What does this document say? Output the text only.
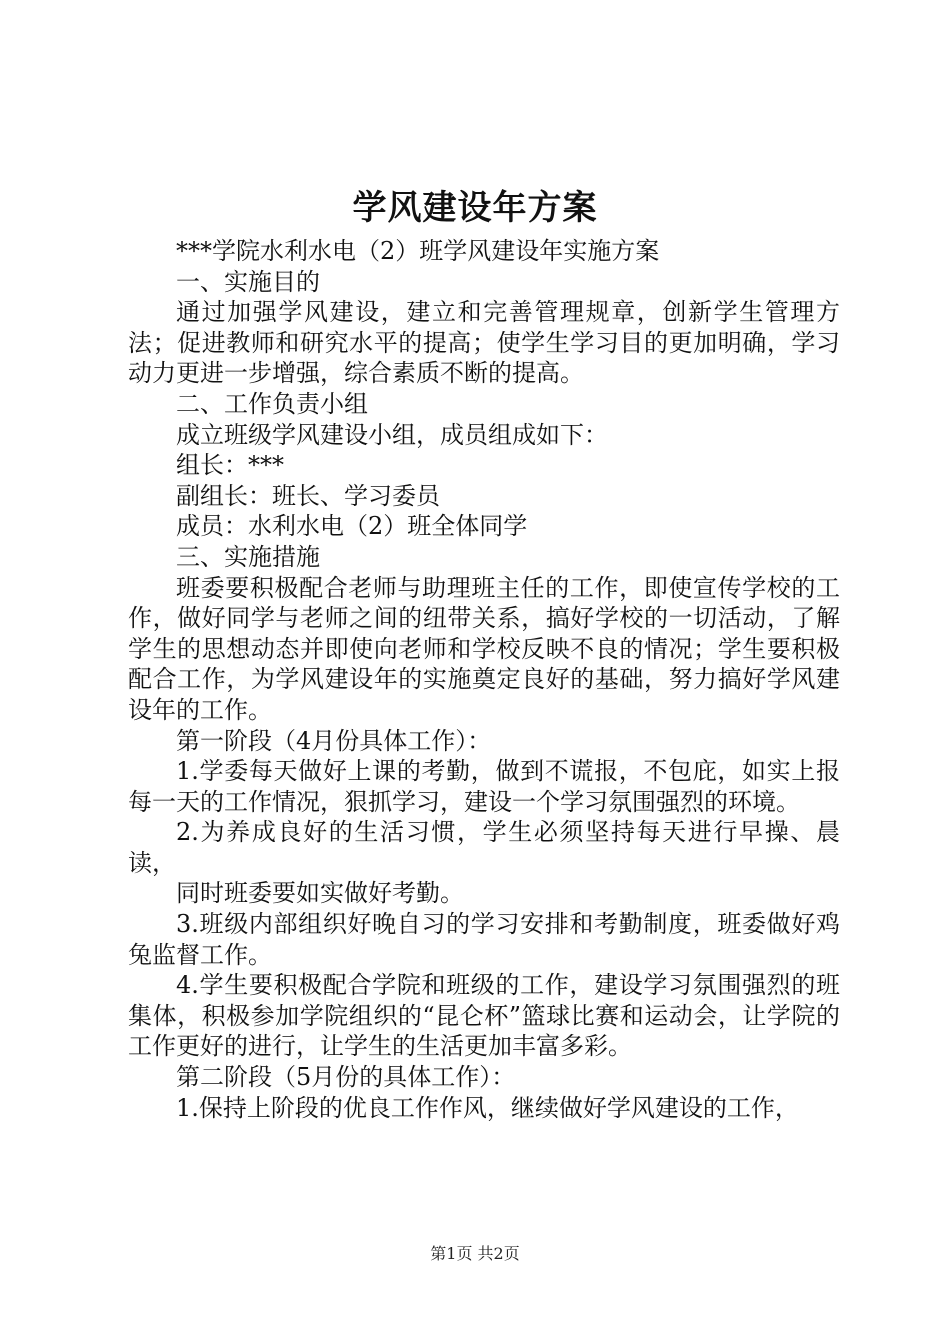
学风建设年方案

***学院水利水电（2）班学风建设年实施方案

一、实施目的

通过加强学风建设，建立和完善管理规章，创新学生管理方法；促进教师和研究水平的提高；使学生学习目的更加明确，学习动力更进一步增强，综合素质不断的提高。

二、工作负责小组

成立班级学风建设小组，成员组成如下：

组长：***

副组长：班长、学习委员

成员：水利水电（2）班全体同学

三、实施措施

班委要积极配合老师与助理班主任的工作，即使宣传学校的工作，做好同学与老师之间的纽带关系，搞好学校的一切活动，了解学生的思想动态并即使向老师和学校反映不良的情况；学生要积极配合工作，为学风建设年的实施奠定良好的基础，努力搞好学风建设年的工作。

第一阶段（4月份具体工作）：

1.学委每天做好上课的考勤，做到不谎报，不包庇，如实上报每一天的工作情况，狠抓学习，建设一个学习氛围强烈的环境。

2.为养成良好的生活习惯，学生必须坚持每天进行早操、晨读，

同时班委要如实做好考勤。

3.班级内部组织好晚自习的学习安排和考勤制度，班委做好鸡兔监督工作。

4.学生要积极配合学院和班级的工作，建设学习氛围强烈的班集体，积极参加学院组织的“昆仑杯”篮球比赛和运动会，让学院的工作更好的进行，让学生的生活更加丰富多彩。

第二阶段（5月份的具体工作）：

1.保持上阶段的优良工作作风，继续做好学风建设的工作，

第1页 共2页
